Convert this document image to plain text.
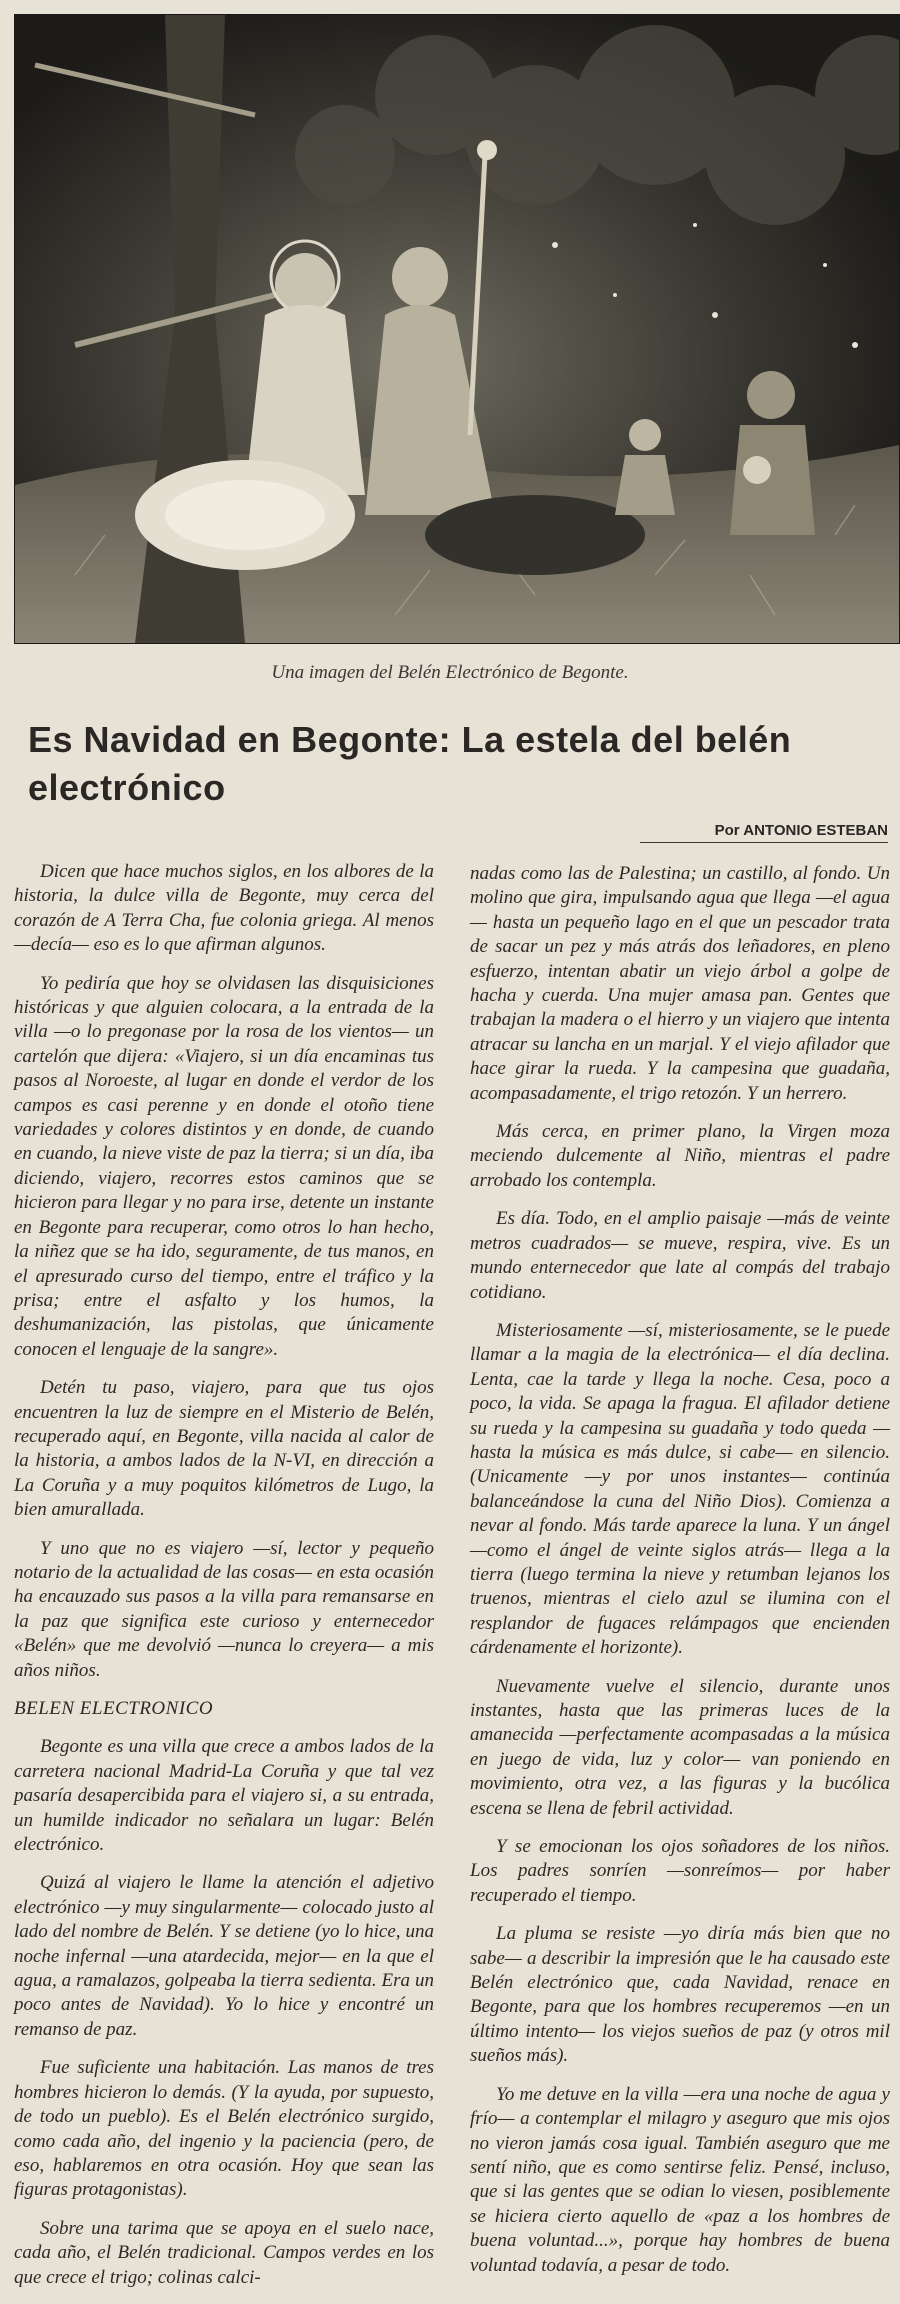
Una imagen del Belén Electrónico de Begonte.
Es Navidad en Begonte: La estela del belén electrónico
Por ANTONIO ESTEBAN

Dicen que hace muchos siglos, en los albores de la historia, la dulce villa de Begonte, muy cerca del corazón de A Terra Cha, fue colonia griega. Al menos —decía— eso es lo que afirman algunos.

Yo pediría que hoy se olvidasen las disquisiciones históricas y que alguien colocara, a la entrada de la villa —o lo pregonase por la rosa de los vientos— un cartelón que dijera: «Viajero, si un día encaminas tus pasos al Noroeste, al lugar en donde el verdor de los campos es casi perenne y en donde el otoño tiene variedades y colores distintos y en donde, de cuando en cuando, la nieve viste de paz la tierra; si un día, iba diciendo, viajero, recorres estos caminos que se hicieron para llegar y no para irse, detente un instante en Begonte para recuperar, como otros lo han hecho, la niñez que se ha ido, seguramente, de tus manos, en el apresurado curso del tiempo, entre el tráfico y la prisa; entre el asfalto y los humos, la deshumanización, las pistolas, que únicamente conocen el lenguaje de la sangre».

Detén tu paso, viajero, para que tus ojos encuentren la luz de siempre en el Misterio de Belén, recuperado aquí, en Begonte, villa nacida al calor de la historia, a ambos lados de la N-VI, en dirección a La Coruña y a muy poquitos kilómetros de Lugo, la bien amurallada.

Y uno que no es viajero —sí, lector y pequeño notario de la actualidad de las cosas— en esta ocasión ha encauzado sus pasos a la villa para remansarse en la paz que significa este curioso y enternecedor «Belén» que me devolvió —nunca lo creyera— a mis años niños.

BELEN ELECTRONICO

Begonte es una villa que crece a ambos lados de la carretera nacional Madrid-La Coruña y que tal vez pasaría desapercibida para el viajero si, a su entrada, un humilde indicador no señalara un lugar: Belén electrónico.

Quizá al viajero le llame la atención el adjetivo electrónico —y muy singularmente— colocado justo al lado del nombre de Belén. Y se detiene (yo lo hice, una noche infernal —una atardecida, mejor— en la que el agua, a ramalazos, golpeaba la tierra sedienta. Era un poco antes de Navidad). Yo lo hice y encontré un remanso de paz.

Fue suficiente una habitación. Las manos de tres hombres hicieron lo demás. (Y la ayuda, por supuesto, de todo un pueblo). Es el Belén electrónico surgido, como cada año, del ingenio y la paciencia (pero, de eso, hablaremos en otra ocasión. Hoy que sean las figuras protagonistas).

Sobre una tarima que se apoya en el suelo nace, cada año, el Belén tradicional. Campos verdes en los que crece el trigo; colinas calci-

nadas como las de Palestina; un castillo, al fondo. Un molino que gira, impulsando agua que llega —el agua— hasta un pequeño lago en el que un pescador trata de sacar un pez y más atrás dos leñadores, en pleno esfuerzo, intentan abatir un viejo árbol a golpe de hacha y cuerda. Una mujer amasa pan. Gentes que trabajan la madera o el hierro y un viajero que intenta atracar su lancha en un marjal. Y el viejo afilador que hace girar la rueda. Y la campesina que guadaña, acompasadamente, el trigo retozón. Y un herrero.

Más cerca, en primer plano, la Virgen moza meciendo dulcemente al Niño, mientras el padre arrobado los contempla.

Es día. Todo, en el amplio paisaje —más de veinte metros cuadrados— se mueve, respira, vive. Es un mundo enternecedor que late al compás del trabajo cotidiano.

Misteriosamente —sí, misteriosamente, se le puede llamar a la magia de la electrónica— el día declina. Lenta, cae la tarde y llega la noche. Cesa, poco a poco, la vida. Se apaga la fragua. El afilador detiene su rueda y la campesina su guadaña y todo queda —hasta la música es más dulce, si cabe— en silencio. (Unicamente —y por unos instantes— continúa balanceándose la cuna del Niño Dios). Comienza a nevar al fondo. Más tarde aparece la luna. Y un ángel —como el ángel de veinte siglos atrás— llega a la tierra (luego termina la nieve y retumban lejanos los truenos, mientras el cielo azul se ilumina con el resplandor de fugaces relámpagos que encienden cárdenamente el horizonte).

Nuevamente vuelve el silencio, durante unos instantes, hasta que las primeras luces de la amanecida —perfectamente acompasadas a la música en juego de vida, luz y color— van poniendo en movimiento, otra vez, a las figuras y la bucólica escena se llena de febril actividad.

Y se emocionan los ojos soñadores de los niños. Los padres sonríen —sonreímos— por haber recuperado el tiempo.

La pluma se resiste —yo diría más bien que no sabe— a describir la impresión que le ha causado este Belén electrónico que, cada Navidad, renace en Begonte, para que los hombres recuperemos —en un último intento— los viejos sueños de paz (y otros mil sueños más).

Yo me detuve en la villa —era una noche de agua y frío— a contemplar el milagro y aseguro que mis ojos no vieron jamás cosa igual. También aseguro que me sentí niño, que es como sentirse feliz. Pensé, incluso, que si las gentes que se odian lo viesen, posiblemente se hiciera cierto aquello de «paz a los hombres de buena voluntad...», porque hay hombres de buena voluntad todavía, a pesar de todo.
